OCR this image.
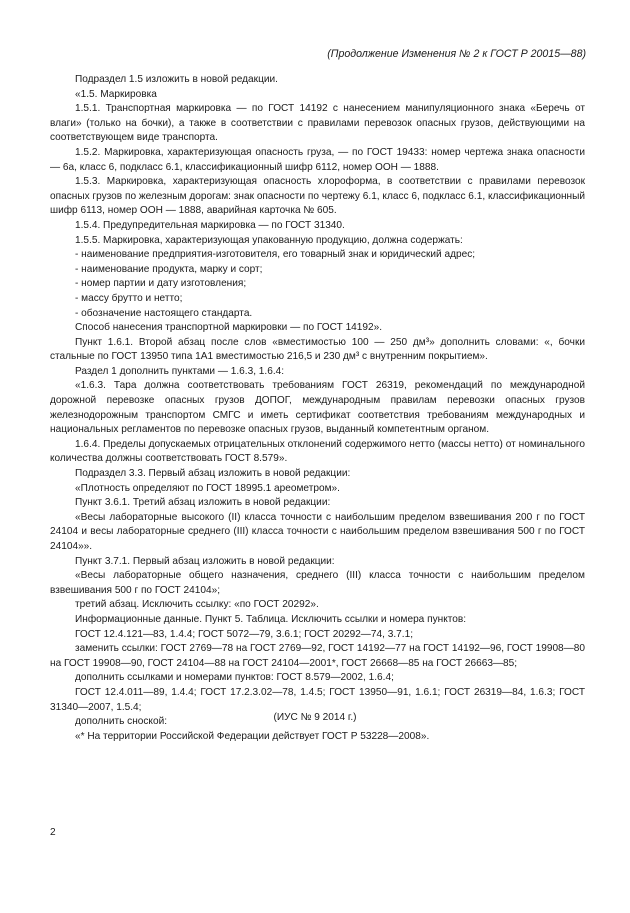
(Продолжение Изменения № 2 к ГОСТ Р 20015—88)

Подраздел 1.5 изложить в новой редакции.

«1.5. Маркировка

1.5.1. Транспортная маркировка — по ГОСТ 14192 с нанесением манипуляционного знака «Беречь от влаги» (только на бочки), а также в соответствии с правилами перевозок опасных грузов, действующими на соответствующем виде транспорта.

1.5.2. Маркировка, характеризующая опасность груза, — по ГОСТ 19433: номер чертежа знака опасности — 6а, класс 6, подкласс 6.1, классификационный шифр 6112, номер ООН — 1888.

1.5.3. Маркировка, характеризующая опасность хлороформа, в соответствии с правилами перевозок опасных грузов по железным дорогам: знак опасности по чертежу 6.1, класс 6, подкласс 6.1, классификационный шифр 6113, номер ООН — 1888, аварийная карточка № 605.

1.5.4. Предупредительная маркировка — по ГОСТ 31340.

1.5.5. Маркировка, характеризующая упакованную продукцию, должна содержать:

- наименование предприятия-изготовителя, его товарный знак и юридический адрес;

- наименование продукта, марку и сорт;

- номер партии и дату изготовления;

- массу брутто и нетто;

- обозначение настоящего стандарта.

Способ нанесения транспортной маркировки — по ГОСТ 14192».

Пункт 1.6.1. Второй абзац после слов «вместимостью 100 — 250 дм³» дополнить словами: «, бочки стальные по ГОСТ 13950 типа 1А1 вместимостью 216,5 и 230 дм³ с внутренним покрытием».

Раздел 1 дополнить пунктами — 1.6.3, 1.6.4:

«1.6.3. Тара должна соответствовать требованиям ГОСТ 26319, рекомендаций по международной дорожной перевозке опасных грузов ДОПОГ, международным правилам перевозки опасных грузов железнодорожным транспортом СМГС и иметь сертификат соответствия требованиям международных и национальных регламентов по перевозке опасных грузов, выданный компетентным органом.

1.6.4. Пределы допускаемых отрицательных отклонений содержимого нетто (массы нетто) от номинального количества должны соответствовать ГОСТ 8.579».

Подраздел 3.3. Первый абзац изложить в новой редакции:

«Плотность определяют по ГОСТ 18995.1 ареометром».

Пункт 3.6.1. Третий абзац изложить в новой редакции:

«Весы лабораторные высокого (II) класса точности с наибольшим пределом взвешивания 200 г по ГОСТ 24104 и весы лабораторные среднего (III) класса точности с наибольшим пределом взвешивания 500 г по ГОСТ 24104»».

Пункт 3.7.1. Первый абзац изложить в новой редакции:

«Весы лабораторные общего назначения, среднего (III) класса точности с наибольшим пределом взвешивания 500 г по ГОСТ 24104»;

третий абзац. Исключить ссылку: «по ГОСТ 20292».

Информационные данные. Пункт 5. Таблица. Исключить ссылки и номера пунктов:

ГОСТ 12.4.121—83, 1.4.4; ГОСТ 5072—79, 3.6.1; ГОСТ 20292—74, 3.7.1;

заменить ссылки: ГОСТ 2769—78 на ГОСТ 2769—92, ГОСТ 14192—77 на ГОСТ 14192—96, ГОСТ 19908—80 на ГОСТ 19908—90, ГОСТ 24104—88 на ГОСТ 24104—2001*, ГОСТ 26668—85 на ГОСТ 26663—85;

дополнить ссылками и номерами пунктов: ГОСТ 8.579—2002, 1.6.4;

ГОСТ 12.4.011—89, 1.4.4; ГОСТ 17.2.3.02—78, 1.4.5; ГОСТ 13950—91, 1.6.1; ГОСТ 26319—84, 1.6.3; ГОСТ 31340—2007, 1.5.4;

дополнить сноской:

«* На территории Российской Федерации действует ГОСТ Р 53228—2008».

(ИУС № 9 2014 г.)
2
